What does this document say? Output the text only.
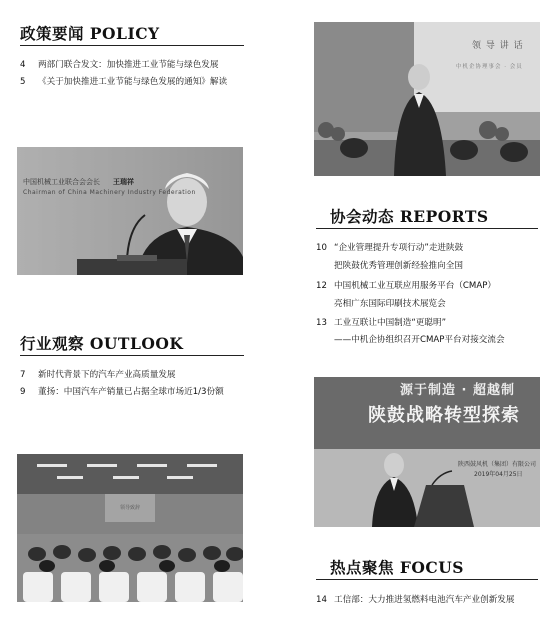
政策要闻 POLICY
4 两部门联合发文：加快推进工业节能与绿色发展
5 《关于加快推进工业节能与绿色发展的通知》解读
Chairman of China Machinery Industry Federation
中国机械工业联合会会长 王瑞祥
行业观察 OUTLOOK
7 新时代背景下的汽车产业高质量发展
9 董扬：中国汽车产销量已占据全球市场近1/3份额
领导致辞
领 导 讲 话
中机企协理事会 · 会员
协会动态 REPORTS
10 “企业管理提升专项行动”走进陕鼓
把陕鼓优秀管理创新经验推向全国
12 中国机械工业互联应用服务平台（CMAP）
亮相广东国际印刷技术展览会
13 工业互联让中国制造“更聪明”
——中机企协组织召开CMAP平台对接交流会
源于制造 · 超越制
陕鼓战略转型探索
陕西鼓风机（集团）有限公司
2019年04月25日
热点聚焦 FOCUS
14 工信部：大力推进氢燃料电池汽车产业创新发展
